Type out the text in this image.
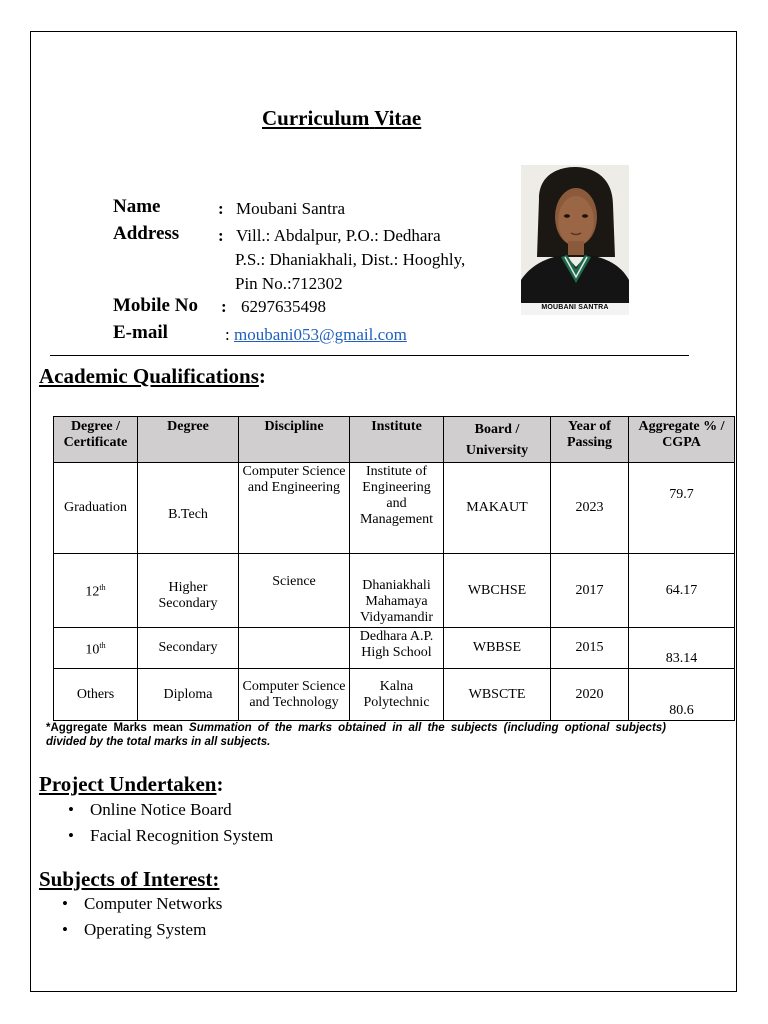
Curriculum Vitae
Name	: Moubani Santra
Address : Vill.: Abdalpur, P.O.: Dedhara
P.S.: Dhaniakhali, Dist.: Hooghly,
Pin No.:712302
Mobile No : 6297635498
E-mail	: moubani053@gmail.com
MOUBANI SANTRA
Academic Qualifications:
Degree / Certificate	Degree	Discipline	Institute	Board / University	Year of Passing	Aggregate % / CGPA
Graduation	B.Tech	Computer Science and Engineering	Institute of Engineering and Management	MAKAUT	2023	79.7
12th	Higher Secondary	Science	Dhaniakhali Mahamaya Vidyamandir	WBCHSE	2017	64.17
10th	Secondary		Dedhara A.P. High School	WBBSE	2015	83.14
Others	Diploma	Computer Science and Technology	Kalna Polytechnic	WBSCTE	2020	80.6
*Aggregate Marks mean Summation of the marks obtained in all the subjects (including optional subjects) divided by the total marks in all subjects.
Project Undertaken:
• Online Notice Board
• Facial Recognition System
Subjects of Interest:
• Computer Networks
• Operating System
